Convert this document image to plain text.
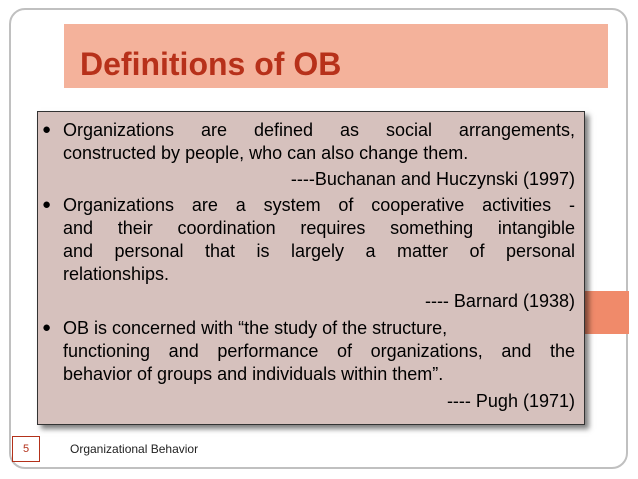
Definitions of OB
● Organizations are defined as social arrangements,
constructed by people, who can also change them.
----Buchanan and Huczynski (1997)
● Organizations are a system of cooperative activities -
and their coordination requires something intangible
and personal that is largely a matter of personal
relationships.
---- Barnard (1938)
● OB is concerned with “the study of the structure,
functioning and performance of organizations, and the
behavior of groups and individuals within them”.
---- Pugh (1971)
5	Organizational Behavior
